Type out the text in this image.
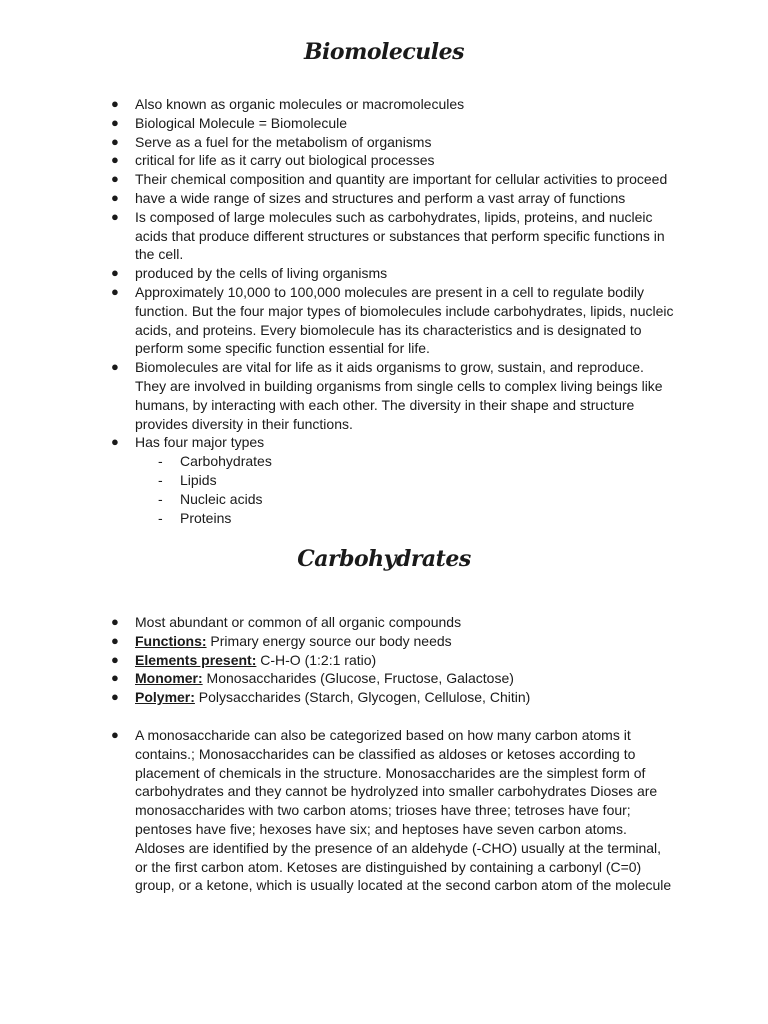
Biomolecules
● Also known as organic molecules or macromolecules
● Biological Molecule = Biomolecule
● Serve as a fuel for the metabolism of organisms
● critical for life as it carry out biological processes
● Their chemical composition and quantity are important for cellular activities to proceed
● have a wide range of sizes and structures and perform a vast array of functions
● Is composed of large molecules such as carbohydrates, lipids, proteins, and nucleic acids that produce different structures or substances that perform specific functions in the cell.
● produced by the cells of living organisms
● Approximately 10,000 to 100,000 molecules are present in a cell to regulate bodily function. But the four major types of biomolecules include carbohydrates, lipids, nucleic acids, and proteins. Every biomolecule has its characteristics and is designated to perform some specific function essential for life.
● Biomolecules are vital for life as it aids organisms to grow, sustain, and reproduce. They are involved in building organisms from single cells to complex living beings like humans, by interacting with each other. The diversity in their shape and structure provides diversity in their functions.
● Has four major types
- Carbohydrates
- Lipids
- Nucleic acids
- Proteins
Carbohydrates
● Most abundant or common of all organic compounds
● Functions: Primary energy source our body needs
● Elements present: C-H-O (1:2:1 ratio)
● Monomer: Monosaccharides (Glucose, Fructose, Galactose)
● Polymer: Polysaccharides (Starch, Glycogen, Cellulose, Chitin)
● A monosaccharide can also be categorized based on how many carbon atoms it contains.; Monosaccharides can be classified as aldoses or ketoses according to placement of chemicals in the structure. Monosaccharides are the simplest form of carbohydrates and they cannot be hydrolyzed into smaller carbohydrates Dioses are monosaccharides with two carbon atoms; trioses have three; tetroses have four; pentoses have five; hexoses have six; and heptoses have seven carbon atoms. Aldoses are identified by the presence of an aldehyde (-CHO) usually at the terminal, or the first carbon atom. Ketoses are distinguished by containing a carbonyl (C=0) group, or a ketone, which is usually located at the second carbon atom of the molecule
